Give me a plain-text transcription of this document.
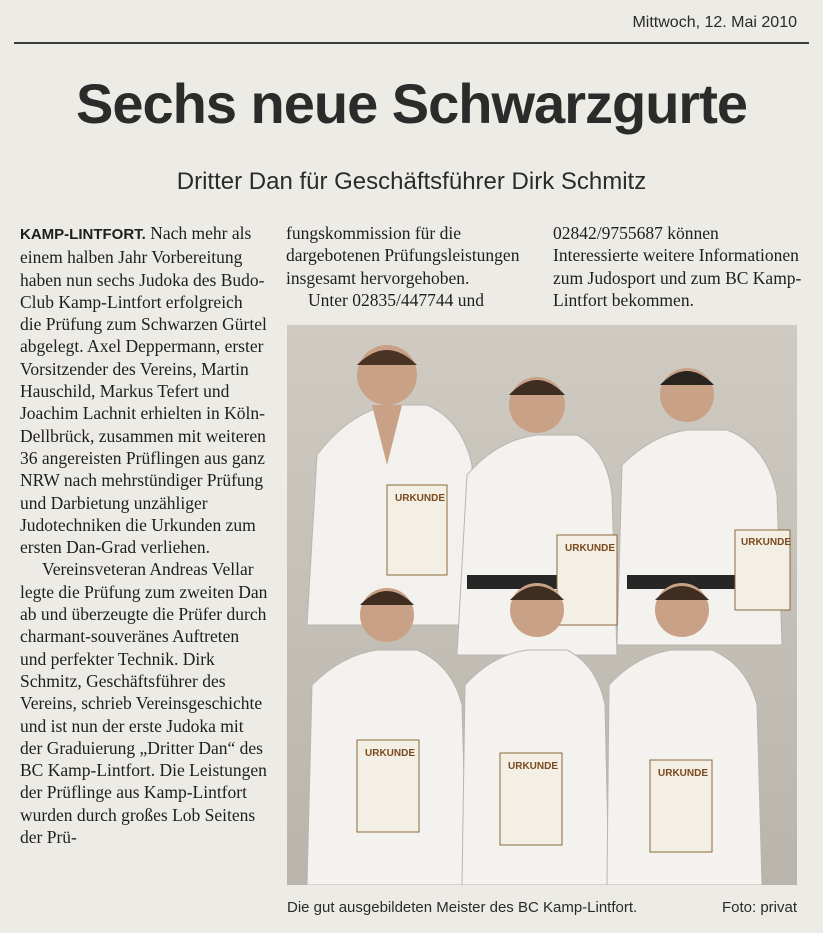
Mittwoch, 12. Mai 2010
Sechs neue Schwarzgurte
Dritter Dan für Geschäftsführer Dirk Schmitz

KAMP-LINTFORT. Nach mehr als einem halben Jahr Vorbereitung haben nun sechs Judoka des Budo-Club Kamp-Lintfort erfolgreich die Prüfung zum Schwarzen Gürtel abgelegt. Axel Deppermann, erster Vorsitzender des Vereins, Martin Hauschild, Markus Tefert und Joachim Lachnit erhielten in Köln-Dellbrück, zusammen mit weiteren 36 angereisten Prüflingen aus ganz NRW nach mehrstündiger Prüfung und Darbietung unzähliger Judotechniken die Urkunden zum ersten Dan-Grad verliehen.

Vereinsveteran Andreas Vellar legte die Prüfung zum zweiten Dan ab und überzeugte die Prüfer durch charmant-souveränes Auftreten und perfekter Technik. Dirk Schmitz, Geschäftsführer des Vereins, schrieb Vereinsgeschichte und ist nun der erste Judoka mit der Graduierung „Dritter Dan“ des BC Kamp-Lintfort. Die Leistungen der Prüflinge aus Kamp-Lintfort wurden durch großes Lob Seitens der Prü-

fungskommission für die dargebotenen Prüfungsleistungen insgesamt hervorgehoben.

Unter 02835/447744 und

02842/9755687 können Interessierte weitere Informationen zum Judosport und zum BC Kamp-Lintfort bekommen.

URKUNDE
URKUNDE
URKUNDE
URKUNDE
URKUNDE
URKUNDE
Die gut ausgebildeten Meister des BC Kamp-Lintfort.	Foto: privat
